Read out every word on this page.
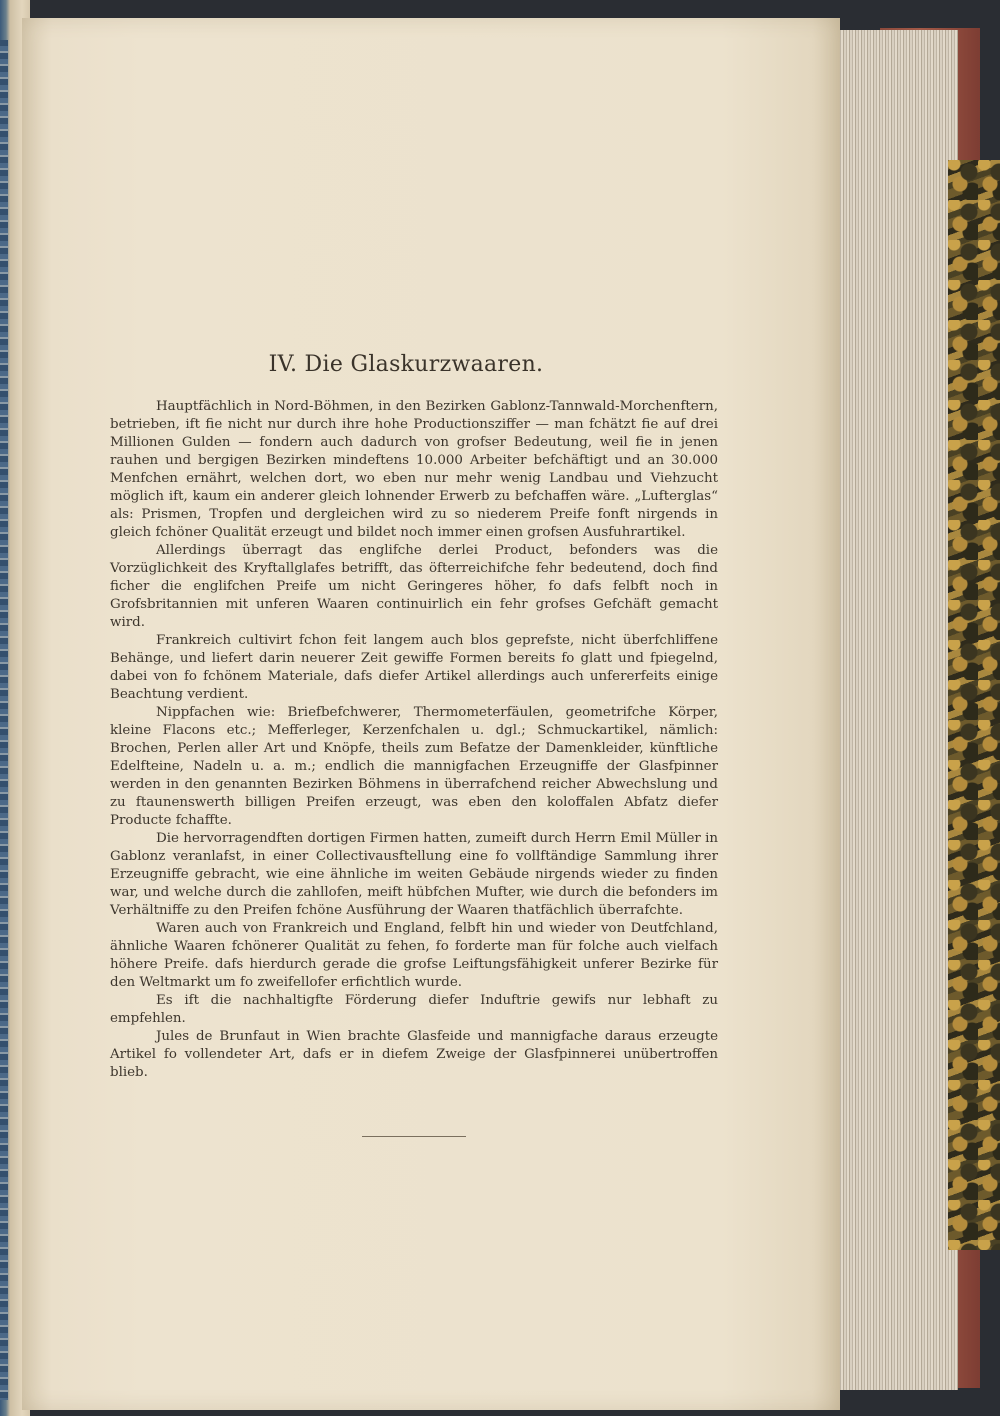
IV. Die Glaskurzwaaren.

Hauptfächlich in Nord-Böhmen, in den Bezirken Gablonz-Tannwald-Morchenftern, betrieben, ift fie nicht nur durch ihre hohe Productionsziffer — man fchätzt fie auf drei Millionen Gulden — fondern auch dadurch von grofser Bedeutung, weil fie in jenen rauhen und bergigen Bezirken mindeftens 10.000 Arbeiter befchäftigt und an 30.000 Menfchen ernährt, welchen dort, wo eben nur mehr wenig Landbau und Viehzucht möglich ift, kaum ein anderer gleich lohnender Erwerb zu befchaffen wäre. „Lufterglas“ als: Prismen, Tropfen und dergleichen wird zu so niederem Preife fonft nirgends in gleich fchöner Qualität erzeugt und bildet noch immer einen grofsen Ausfuhrartikel.

Allerdings überragt das englifche derlei Product, befonders was die Vorzüglichkeit des Kryftallglafes betrifft, das öfterreichifche fehr bedeutend, doch find ficher die englifchen Preife um nicht Geringeres höher, fo dafs felbft noch in Grofsbritannien mit unferen Waaren continuirlich ein fehr grofses Gefchäft gemacht wird.

Frankreich cultivirt fchon feit langem auch blos geprefste, nicht überfchliffene Behänge, und liefert darin neuerer Zeit gewiffe Formen bereits fo glatt und fpiegelnd, dabei von fo fchönem Materiale, dafs diefer Artikel allerdings auch unfererfeits einige Beachtung verdient.

Nippfachen wie: Briefbefchwerer, Thermometerfäulen, geometrifche Körper, kleine Flacons etc.; Mefferleger, Kerzenfchalen u. dgl.; Schmuckartikel, nämlich: Brochen, Perlen aller Art und Knöpfe, theils zum Befatze der Damenkleider, künftliche Edelfteine, Nadeln u. a. m.; endlich die mannigfachen Erzeugniffe der Glasfpinner werden in den genannten Bezirken Böhmens in überrafchend reicher Abwechslung und zu ftaunenswerth billigen Preifen erzeugt, was eben den koloffalen Abfatz diefer Producte fchaffte.

Die hervorragendften dortigen Firmen hatten, zumeift durch Herrn Emil Müller in Gablonz veranlafst, in einer Collectivausftellung eine fo vollftändige Sammlung ihrer Erzeugniffe gebracht, wie eine ähnliche im weiten Gebäude nirgends wieder zu finden war, und welche durch die zahllofen, meift hübfchen Mufter, wie durch die befonders im Verhältniffe zu den Preifen fchöne Ausführung der Waaren thatfächlich überrafchte.

Waren auch von Frankreich und England, felbft hin und wieder von Deutfchland, ähnliche Waaren fchönerer Qualität zu fehen, fo forderte man für folche auch vielfach höhere Preife. dafs hierdurch gerade die grofse Leiftungsfähigkeit unferer Bezirke für den Weltmarkt um fo zweifellofer erfichtlich wurde.

Es ift die nachhaltigfte Förderung diefer Induftrie gewifs nur lebhaft zu empfehlen.

Jules de Brunfaut in Wien brachte Glasfeide und mannigfache daraus erzeugte Artikel fo vollendeter Art, dafs er in diefem Zweige der Glasfpinnerei unübertroffen blieb.
